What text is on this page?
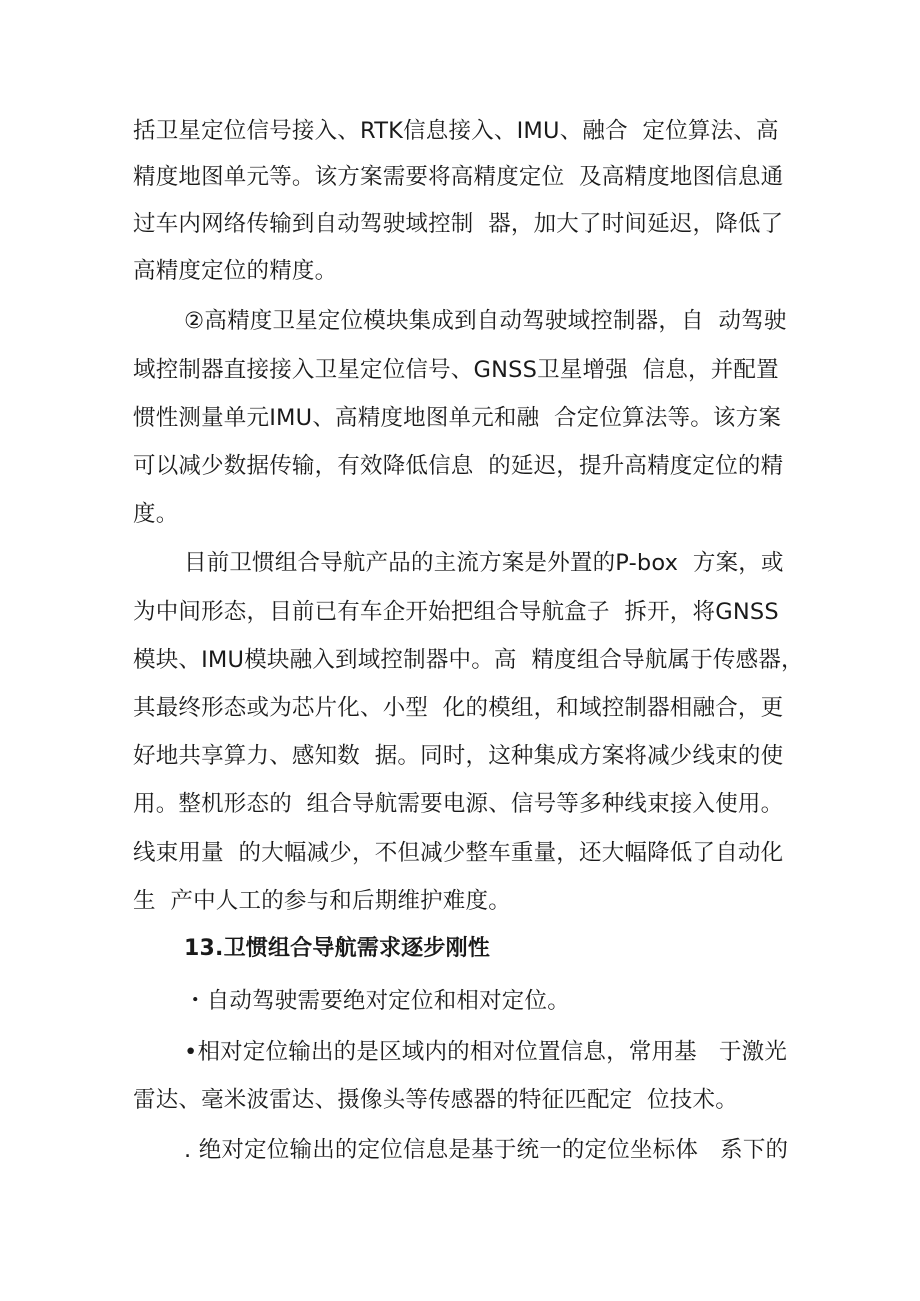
括卫星定位信号接入、RTK信息接入、IMU、融合  定位算法、高
精度地图单元等。该方案需要将高精度定位  及高精度地图信息通
过车内网络传输到自动驾驶域控制  器，加大了时间延迟，降低了
高精度定位的精度。
②高精度卫星定位模块集成到自动驾驶域控制器，自  动驾驶
域控制器直接接入卫星定位信号、GNSS卫星增强  信息，并配置
惯性测量单元IMU、高精度地图单元和融  合定位算法等。该方案
可以减少数据传输，有效降低信息  的延迟，提升高精度定位的精
度。
目前卫惯组合导航产品的主流方案是外置的P-box  方案，或
为中间形态，目前已有车企开始把组合导航盒子  拆开，将GNSS
模块、IMU模块融入到域控制器中。高  精度组合导航属于传感器，
其最终形态或为芯片化、小型  化的模组，和域控制器相融合，更
好地共享算力、感知数  据。同时，这种集成方案将减少线束的使
用。整机形态的  组合导航需要电源、信号等多种线束接入使用。
线束用量  的大幅减少，不但减少整车重量，还大幅降低了自动化
生  产中人工的参与和后期维护难度。
13.卫惯组合导航需求逐步刚性
・自动驾驶需要绝对定位和相对定位。
•相对定位输出的是区域内的相对位置信息，常用基   于激光
雷达、毫米波雷达、摄像头等传感器的特征匹配定  位技术。
. 绝对定位输出的定位信息是基于统一的定位坐标体   系下的
